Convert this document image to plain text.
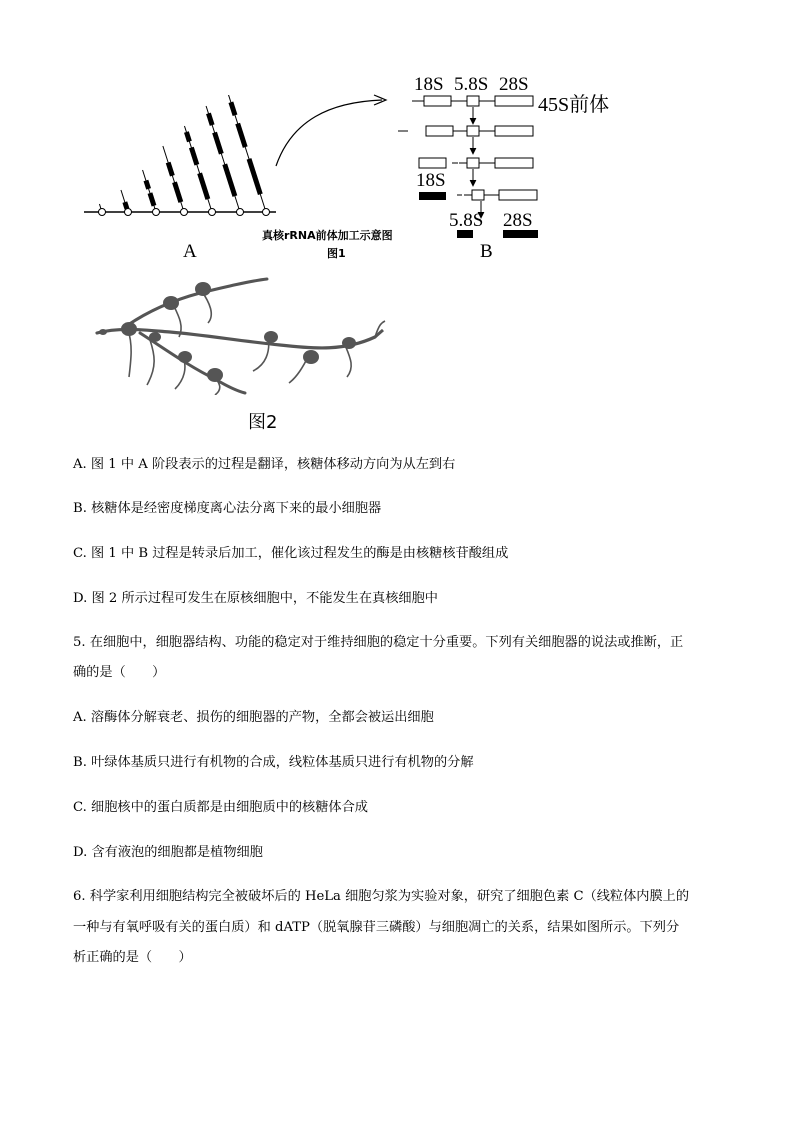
18S 5.8S 28S
45S前体
18S
5.8S 28S
A	B
真核rRNA前体加工示意图
图1
图2
A. 图 1 中 A 阶段表示的过程是翻译，核糖体移动方向为从左到右
B. 核糖体是经密度梯度离心法分离下来的最小细胞器
C. 图 1 中 B 过程是转录后加工，催化该过程发生的酶是由核糖核苷酸组成
D. 图 2 所示过程可发生在原核细胞中，不能发生在真核细胞中
5. 在细胞中，细胞器结构、功能的稳定对于维持细胞的稳定十分重要。下列有关细胞器的说法或推断，正
确的是（　　）
A. 溶酶体分解衰老、损伤的细胞器的产物，全都会被运出细胞
B. 叶绿体基质只进行有机物的合成，线粒体基质只进行有机物的分解
C. 细胞核中的蛋白质都是由细胞质中的核糖体合成
D. 含有液泡的细胞都是植物细胞
6. 科学家利用细胞结构完全被破坏后的 HeLa 细胞匀浆为实验对象，研究了细胞色素 C（线粒体内膜上的
一种与有氧呼吸有关的蛋白质）和 dATP（脱氧腺苷三磷酸）与细胞凋亡的关系，结果如图所示。下列分
析正确的是（　　）
